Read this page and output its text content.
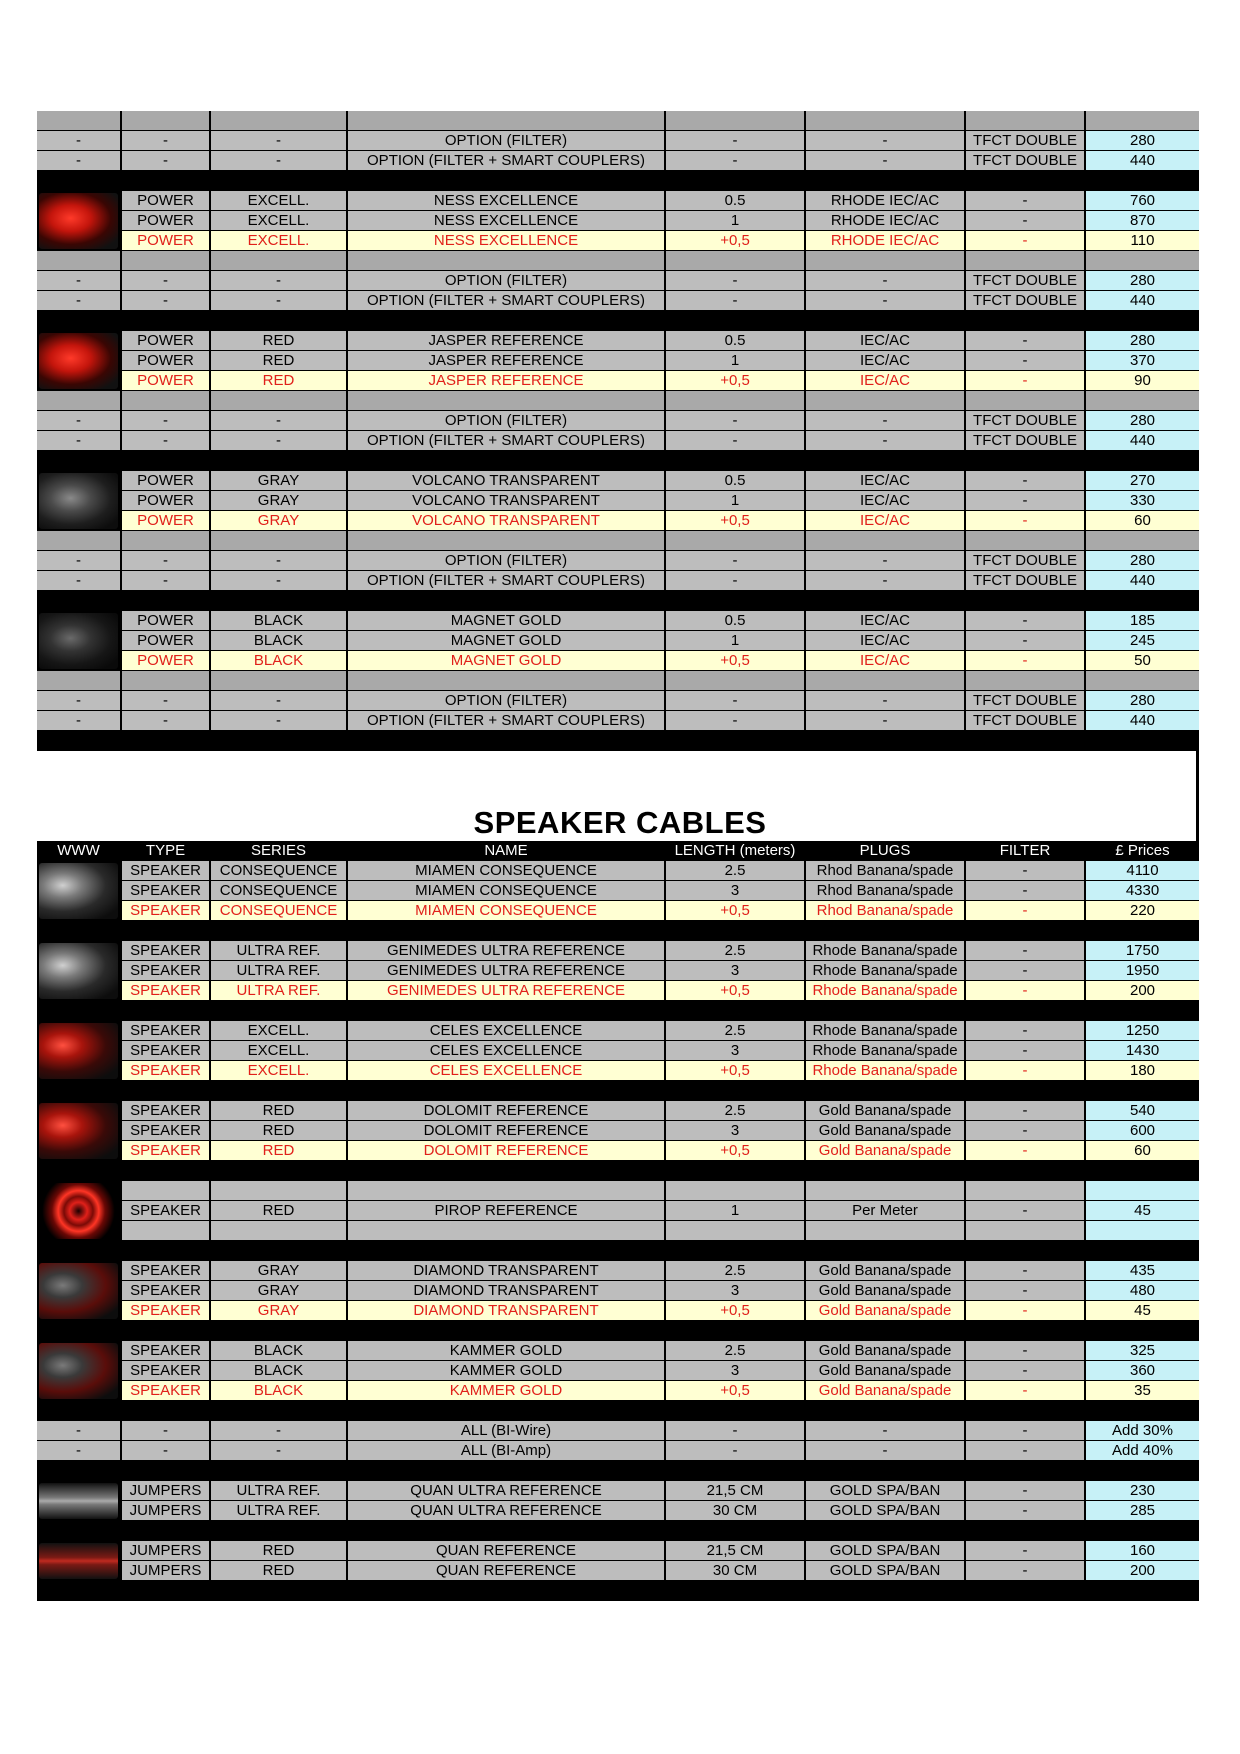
-	-	-	OPTION (FILTER)	-	-	TFCT DOUBLE	280
-	-	-	OPTION (FILTER + SMART COUPLERS)	-	-	TFCT DOUBLE	440
POWER	EXCELL.	NESS EXCELLENCE	0.5	RHODE IEC/AC	-	760
POWER	EXCELL.	NESS EXCELLENCE	1	RHODE IEC/AC	-	870
POWER	EXCELL.	NESS EXCELLENCE	+0,5	RHODE IEC/AC	-	110
-	-	-	OPTION (FILTER)	-	-	TFCT DOUBLE	280
-	-	-	OPTION (FILTER + SMART COUPLERS)	-	-	TFCT DOUBLE	440
POWER	RED	JASPER REFERENCE	0.5	IEC/AC	-	280
POWER	RED	JASPER REFERENCE	1	IEC/AC	-	370
POWER	RED	JASPER REFERENCE	+0,5	IEC/AC	-	90
-	-	-	OPTION (FILTER)	-	-	TFCT DOUBLE	280
-	-	-	OPTION (FILTER + SMART COUPLERS)	-	-	TFCT DOUBLE	440
POWER	GRAY	VOLCANO TRANSPARENT	0.5	IEC/AC	-	270
POWER	GRAY	VOLCANO TRANSPARENT	1	IEC/AC	-	330
POWER	GRAY	VOLCANO TRANSPARENT	+0,5	IEC/AC	-	60
-	-	-	OPTION (FILTER)	-	-	TFCT DOUBLE	280
-	-	-	OPTION (FILTER + SMART COUPLERS)	-	-	TFCT DOUBLE	440
POWER	BLACK	MAGNET GOLD	0.5	IEC/AC	-	185
POWER	BLACK	MAGNET GOLD	1	IEC/AC	-	245
POWER	BLACK	MAGNET GOLD	+0,5	IEC/AC	-	50
-	-	-	OPTION (FILTER)	-	-	TFCT DOUBLE	280
-	-	-	OPTION (FILTER + SMART COUPLERS)	-	-	TFCT DOUBLE	440
SPEAKER CABLES
WWW	TYPE	SERIES	NAME	LENGTH (meters)	PLUGS	FILTER	£ Prices
SPEAKER	CONSEQUENCE	MIAMEN CONSEQUENCE	2.5	Rhod Banana/spade	-	4110
SPEAKER	CONSEQUENCE	MIAMEN CONSEQUENCE	3	Rhod Banana/spade	-	4330
SPEAKER	CONSEQUENCE	MIAMEN CONSEQUENCE	+0,5	Rhod Banana/spade	-	220
SPEAKER	ULTRA REF.	GENIMEDES ULTRA REFERENCE	2.5	Rhode Banana/spade	-	1750
SPEAKER	ULTRA REF.	GENIMEDES ULTRA REFERENCE	3	Rhode Banana/spade	-	1950
SPEAKER	ULTRA REF.	GENIMEDES ULTRA REFERENCE	+0,5	Rhode Banana/spade	-	200
SPEAKER	EXCELL.	CELES EXCELLENCE	2.5	Rhode Banana/spade	-	1250
SPEAKER	EXCELL.	CELES EXCELLENCE	3	Rhode Banana/spade	-	1430
SPEAKER	EXCELL.	CELES EXCELLENCE	+0,5	Rhode Banana/spade	-	180
SPEAKER	RED	DOLOMIT REFERENCE	2.5	Gold Banana/spade	-	540
SPEAKER	RED	DOLOMIT REFERENCE	3	Gold Banana/spade	-	600
SPEAKER	RED	DOLOMIT REFERENCE	+0,5	Gold Banana/spade	-	60
SPEAKER	RED	PIROP REFERENCE	1	Per Meter	-	45
SPEAKER	GRAY	DIAMOND TRANSPARENT	2.5	Gold Banana/spade	-	435
SPEAKER	GRAY	DIAMOND TRANSPARENT	3	Gold Banana/spade	-	480
SPEAKER	GRAY	DIAMOND TRANSPARENT	+0,5	Gold Banana/spade	-	45
SPEAKER	BLACK	KAMMER GOLD	2.5	Gold Banana/spade	-	325
SPEAKER	BLACK	KAMMER GOLD	3	Gold Banana/spade	-	360
SPEAKER	BLACK	KAMMER GOLD	+0,5	Gold Banana/spade	-	35
-	-	-	ALL (BI-Wire)	-	-	-	Add 30%
-	-	-	ALL (BI-Amp)	-	-	-	Add 40%
JUMPERS	ULTRA REF.	QUAN ULTRA REFERENCE	21,5 CM	GOLD SPA/BAN	-	230
JUMPERS	ULTRA REF.	QUAN ULTRA REFERENCE	30 CM	GOLD SPA/BAN	-	285
JUMPERS	RED	QUAN REFERENCE	21,5 CM	GOLD SPA/BAN	-	160
JUMPERS	RED	QUAN REFERENCE	30 CM	GOLD SPA/BAN	-	200
